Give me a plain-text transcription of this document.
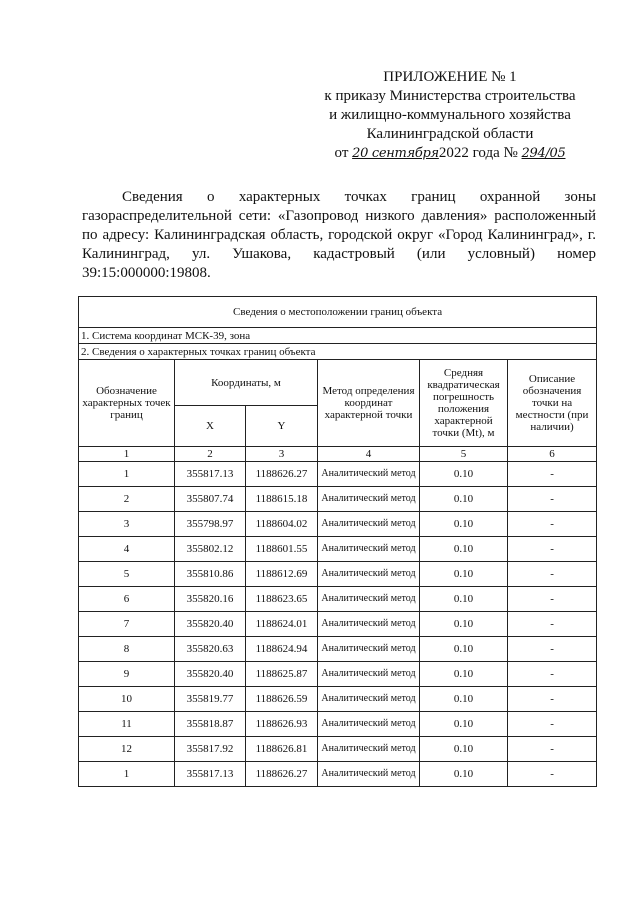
ПРИЛОЖЕНИЕ № 1
к приказу Министерства строительства
и жилищно-коммунального хозяйства
Калининградской области
от 20 сентября2022 года № 294/05
Сведения о характерных точках границ охранной зоны газораспределительной сети: «Газопровод низкого давления» расположенный по адресу: Калининградская область, городской округ «Город Калининград», г. Калининград, ул. Ушакова, кадастровый (или условный) номер 39:15:000000:19808.
Сведения о местоположении границ объекта					
1. Система координат МСК-39, зона					
2. Сведения о характерных точках границ объекта					
Обозначение характерных точек границ	Координаты, м		Метод определения координат характерной точки	Средняя квадратическая погрешность положения характерной точки (Mt), м	Описание обозначения точки на местности (при наличии)
	X	Y			
1	2	3	4	5	6
1	355817.13	1188626.27	Аналитический метод	0.10	-
2	355807.74	1188615.18	Аналитический метод	0.10	-
3	355798.97	1188604.02	Аналитический метод	0.10	-
4	355802.12	1188601.55	Аналитический метод	0.10	-
5	355810.86	1188612.69	Аналитический метод	0.10	-
6	355820.16	1188623.65	Аналитический метод	0.10	-
7	355820.40	1188624.01	Аналитический метод	0.10	-
8	355820.63	1188624.94	Аналитический метод	0.10	-
9	355820.40	1188625.87	Аналитический метод	0.10	-
10	355819.77	1188626.59	Аналитический метод	0.10	-
11	355818.87	1188626.93	Аналитический метод	0.10	-
12	355817.92	1188626.81	Аналитический метод	0.10	-
1	355817.13	1188626.27	Аналитический метод	0.10	-
